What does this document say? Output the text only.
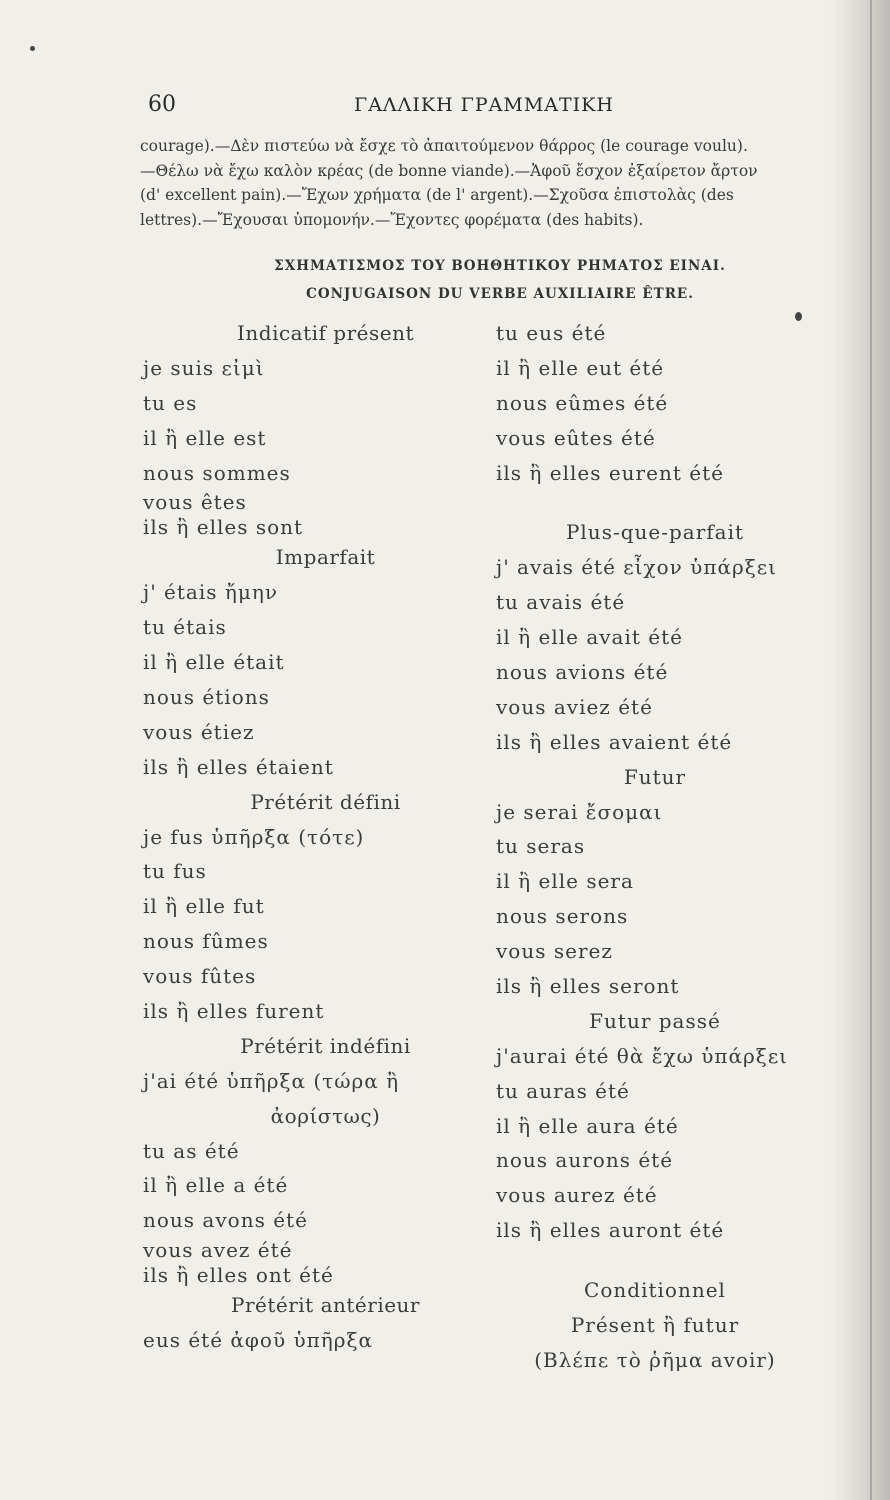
60	ΓΑΛΛΙΚΗ ΓΡΑΜΜΑΤΙΚΗ

courage).—Δὲν πιστεύω νὰ ἔσχε τὸ ἀπαιτούμενον θάρρος (le courage voulu).

—Θέλω νὰ ἔχω καλὸν κρέας (de bonne viande).—Ἀφοῦ ἔσχον ἐξαίρετον ἄρτον

(d' excellent pain).—Ἔχων χρήματα (de l' argent).—Σχοῦσα ἐπιστολὰς (des

lettres).—Ἔχουσαι ὑπομονήν.—Ἔχοντες φορέματα (des habits).

ΣΧΗΜΑΤΙΣΜΟΣ ΤΟΥ ΒΟΗΘΗΤΙΚΟΥ ΡΗΜΑΤΟΣ ΕΙΝΑΙ.
CONJUGAISON DU VERBE AUXILIAIRE ÊTRE.
Indicatif présent
je suis εἰμὶ
tu es
il ἢ elle est
nous sommes
vous êtes
ils ἢ elles sont
Imparfait
j' étais ἤμην
tu étais
il ἢ elle était
nous étions
vous étiez
ils ἢ elles étaient
Prétérit défini
je fus ὑπῆρξα (τότε)
tu fus
il ἢ elle fut
nous fûmes
vous fûtes
ils ἢ elles furent
Prétérit indéfini
j'ai été ὑπῆρξα (τώρα ἢ
ἀορίστως)
tu as été
il ἢ elle a été
nous avons été
vous avez été
ils ἢ elles ont été
Prétérit antérieur
eus été ἀφοῦ ὑπῆρξα
tu eus été
il ἢ elle eut été
nous eûmes été
vous eûtes été
ils ἢ elles eurent été
Plus-que-parfait
j' avais été εἶχον ὑπάρξει
tu avais été
il ἢ elle avait été
nous avions été
vous aviez été
ils ἢ elles avaient été
Futur
je serai ἔσομαι
tu seras
il ἢ elle sera
nous serons
vous serez
ils ἢ elles seront
Futur passé
j'aurai été θὰ ἔχω ὑπάρξει
tu auras été
il ἢ elle aura été
nous aurons été
vous aurez été
ils ἢ elles auront été
Conditionnel
Présent ἢ futur
(Βλέπε τὸ ῥῆμα avoir)
